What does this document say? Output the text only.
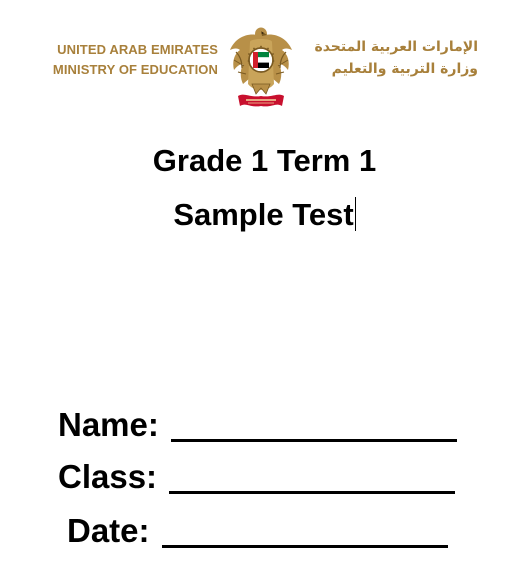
UNITED ARAB EMIRATES
MINISTRY OF EDUCATION
الإمارات العربية المتحدة
وزارة التربية والتعليم
Grade 1 Term 1
Sample Test
Name:
Class:
Date:
